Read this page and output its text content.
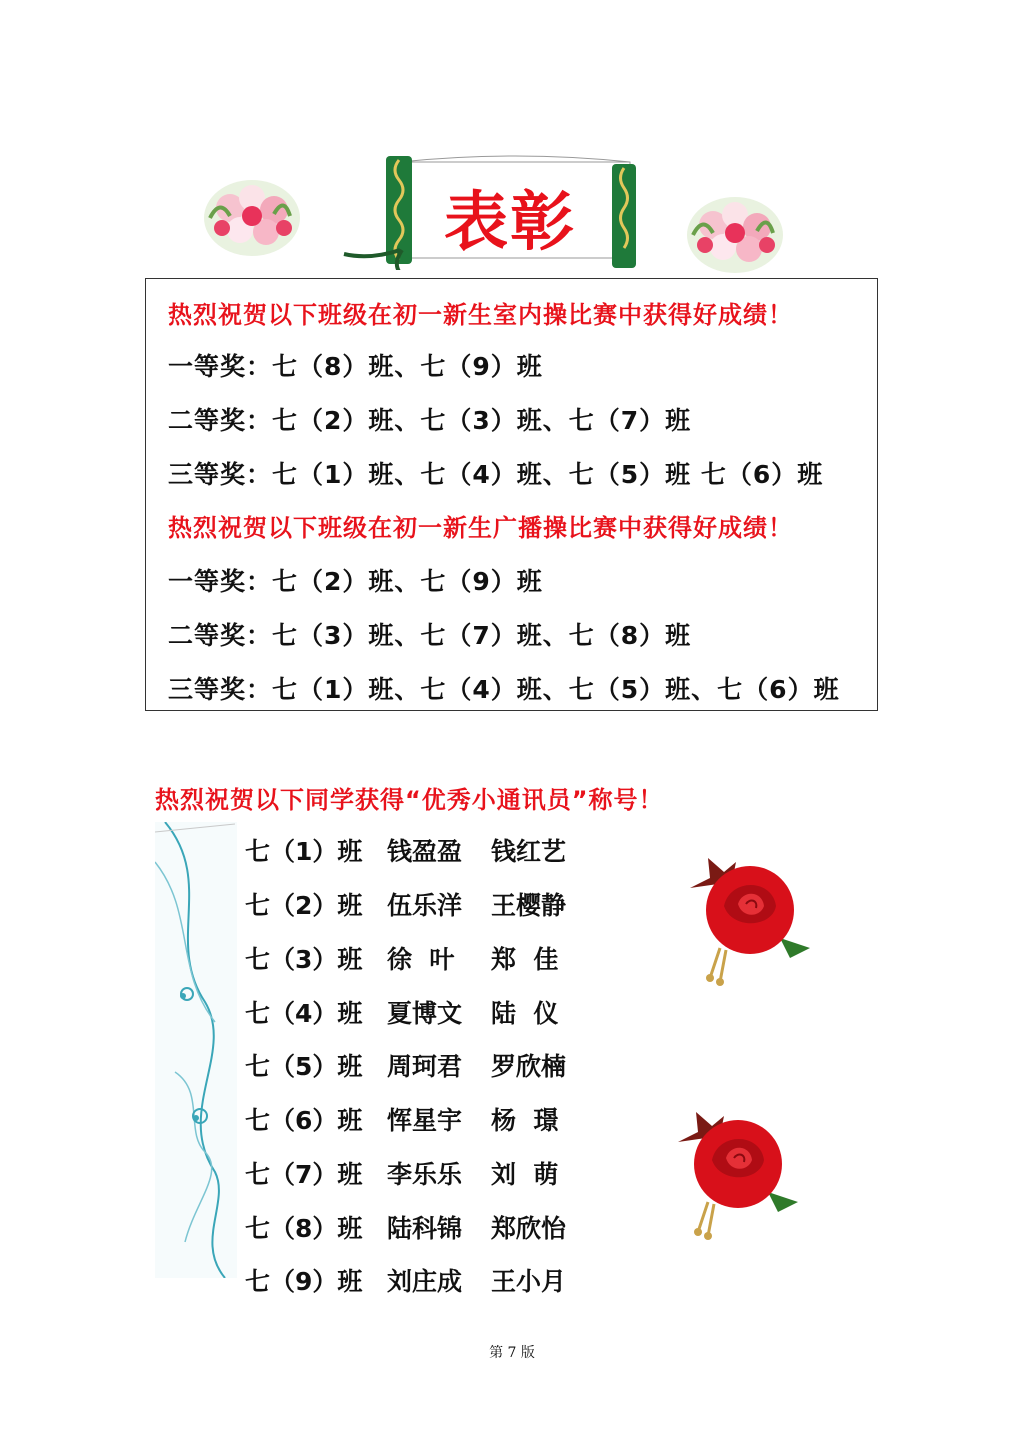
表彰
热烈祝贺以下班级在初一新生室内操比赛中获得好成绩！
一等奖：七（8）班、七（9）班
二等奖：七（2）班、七（3）班、七（7）班
三等奖：七（1）班、七（4）班、七（5）班 七（6）班
热烈祝贺以下班级在初一新生广播操比赛中获得好成绩！
一等奖：七（2）班、七（9）班
二等奖：七（3）班、七（7）班、七（8）班
三等奖：七（1）班、七（4）班、七（5）班、七（6）班
热烈祝贺以下同学获得“优秀小通讯员”称号！
七（1）班 钱盈盈 钱红艺
七（2）班 伍乐洋 王樱静
七（3）班 徐  叶 郑  佳
七（4）班 夏博文 陆  仪
七（5）班 周珂君 罗欣楠
七（6）班 恽星宇 杨  璟
七（7）班 李乐乐 刘  萌
七（8）班 陆科锦 郑欣怡
七（9）班 刘庄成 王小月
第 7 版
